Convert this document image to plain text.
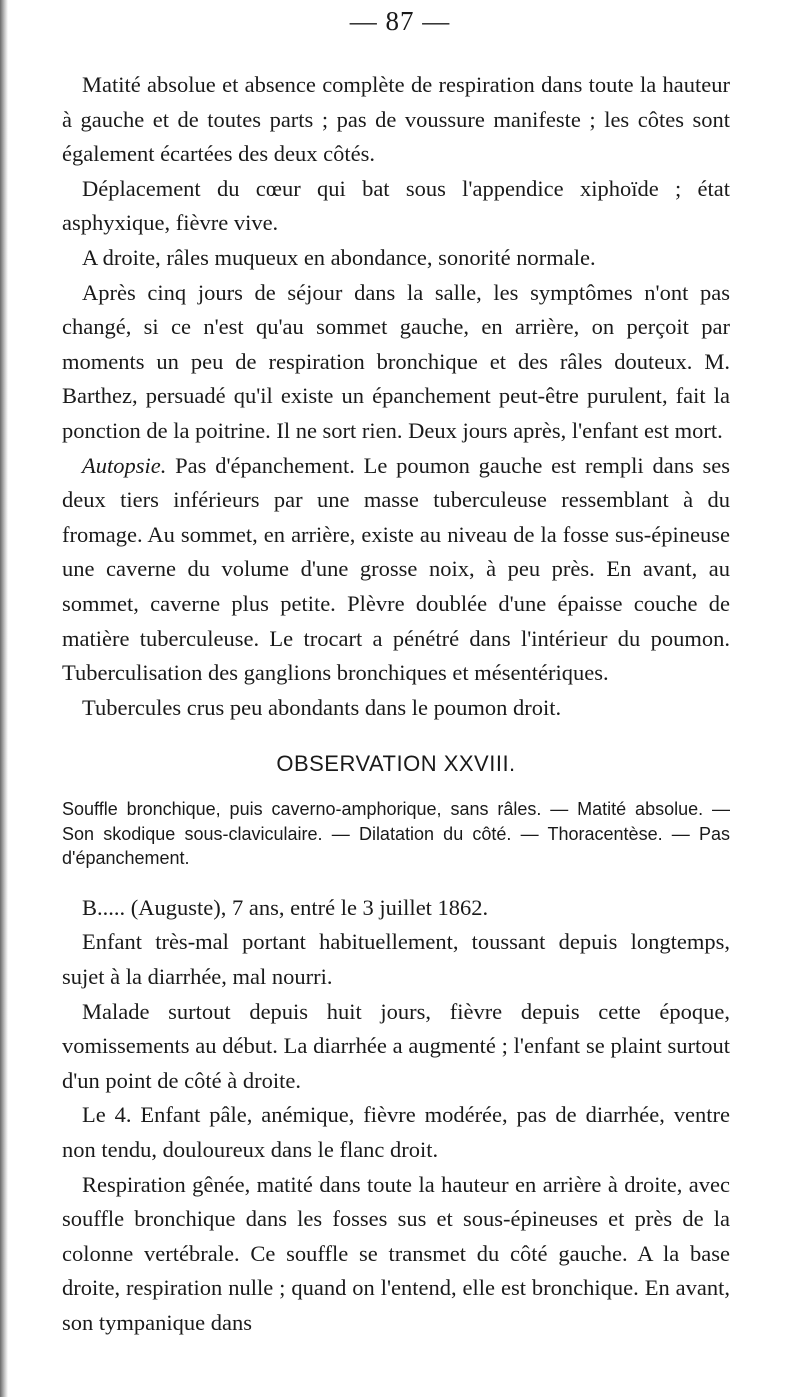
— 87 —

Matité absolue et absence complète de respiration dans toute la hauteur à gauche et de toutes parts ; pas de voussure manifeste ; les côtes sont également écartées des deux côtés.

Déplacement du cœur qui bat sous l'appendice xiphoïde ; état asphyxique, fièvre vive.

A droite, râles muqueux en abondance, sonorité normale.

Après cinq jours de séjour dans la salle, les symptômes n'ont pas changé, si ce n'est qu'au sommet gauche, en arrière, on perçoit par moments un peu de respiration bronchique et des râles douteux. M. Barthez, persuadé qu'il existe un épanchement peut-être purulent, fait la ponction de la poitrine. Il ne sort rien. Deux jours après, l'enfant est mort.

Autopsie. Pas d'épanchement. Le poumon gauche est rempli dans ses deux tiers inférieurs par une masse tuberculeuse ressemblant à du fromage. Au sommet, en arrière, existe au niveau de la fosse sus-épineuse une caverne du volume d'une grosse noix, à peu près. En avant, au sommet, caverne plus petite. Plèvre doublée d'une épaisse couche de matière tuberculeuse. Le trocart a pénétré dans l'intérieur du poumon. Tuberculisation des ganglions bronchiques et mésentériques.

Tubercules crus peu abondants dans le poumon droit.

OBSERVATION XXVIII.

Souffle bronchique, puis caverno-amphorique, sans râles. — Matité absolue. — Son skodique sous-claviculaire. — Dilatation du côté. — Thoracentèse. — Pas d'épanchement.

B..... (Auguste), 7 ans, entré le 3 juillet 1862.

Enfant très-mal portant habituellement, toussant depuis longtemps, sujet à la diarrhée, mal nourri.

Malade surtout depuis huit jours, fièvre depuis cette époque, vomissements au début. La diarrhée a augmenté ; l'enfant se plaint surtout d'un point de côté à droite.

Le 4. Enfant pâle, anémique, fièvre modérée, pas de diarrhée, ventre non tendu, douloureux dans le flanc droit.

Respiration gênée, matité dans toute la hauteur en arrière à droite, avec souffle bronchique dans les fosses sus et sous-épineuses et près de la colonne vertébrale. Ce souffle se transmet du côté gauche. A la base droite, respiration nulle ; quand on l'entend, elle est bronchique. En avant, son tympanique dans
